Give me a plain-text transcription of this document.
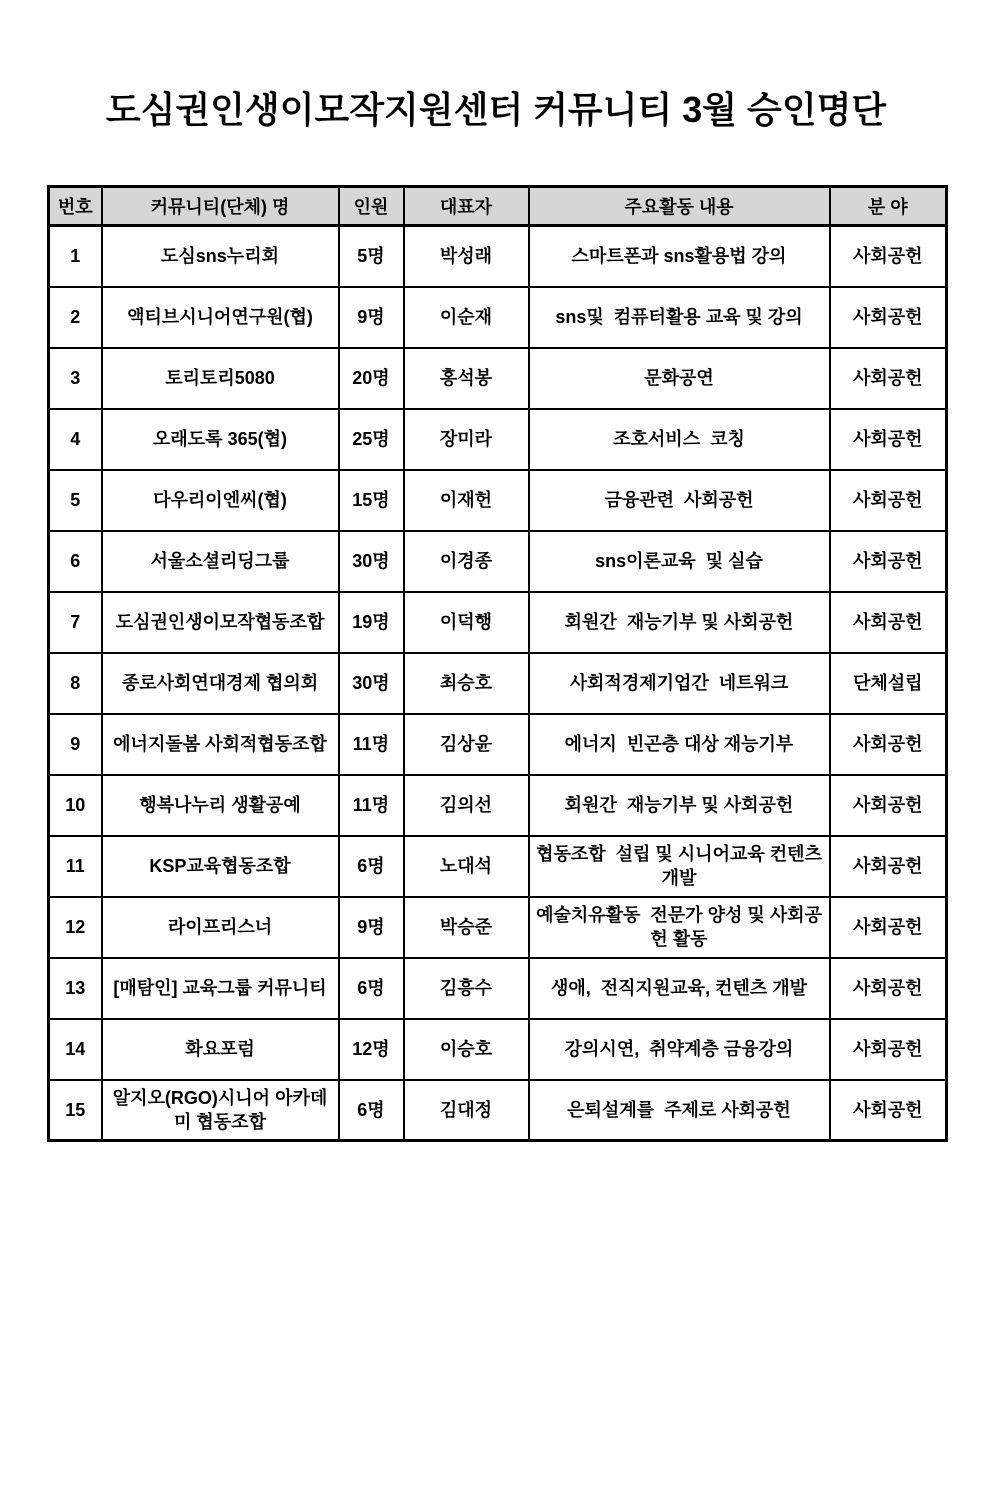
도심권인생이모작지원센터 커뮤니티 3월 승인명단
번호	커뮤니티(단체) 명	인원	대표자	주요활동 내용	분 야
1	도심sns누리회	5명	박성래	스마트폰과 sns활용법 강의	사회공헌
2	액티브시니어연구원(협)	9명	이순재	sns및  컴퓨터활용 교육 및 강의	사회공헌
3	토리토리5080	20명	홍석봉	문화공연	사회공헌
4	오래도록 365(협)	25명	장미라	조호서비스  코칭	사회공헌
5	다우리이엔씨(협)	15명	이재헌	금융관련  사회공헌	사회공헌
6	서울소셜리딩그룹	30명	이경종	sns이론교육  및 실습	사회공헌
7	도심권인생이모작협동조합	19명	이덕행	회원간  재능기부 및 사회공헌	사회공헌
8	종로사회연대경제 협의회	30명	최승호	사회적경제기업간  네트워크	단체설립
9	에너지돌봄 사회적협동조합	11명	김상윤	에너지  빈곤층 대상 재능기부	사회공헌
10	행복나누리 생활공예	11명	김의선	회원간  재능기부 및 사회공헌	사회공헌
11	KSP교육협동조합	6명	노대석	협동조합  설립 및 시니어교육 컨텐츠 개발	사회공헌
12	라이프리스너	9명	박승준	예술치유활동  전문가 양성 및 사회공헌 활동	사회공헌
13	[매탐인] 교육그룹 커뮤니티	6명	김흥수	생애,  전직지원교육, 컨텐츠 개발	사회공헌
14	화요포럼	12명	이승호	강의시연,  취약계층 금융강의	사회공헌
15	알지오(RGO)시니어 아카데미 협동조합	6명	김대정	은퇴설계를  주제로 사회공헌	사회공헌
